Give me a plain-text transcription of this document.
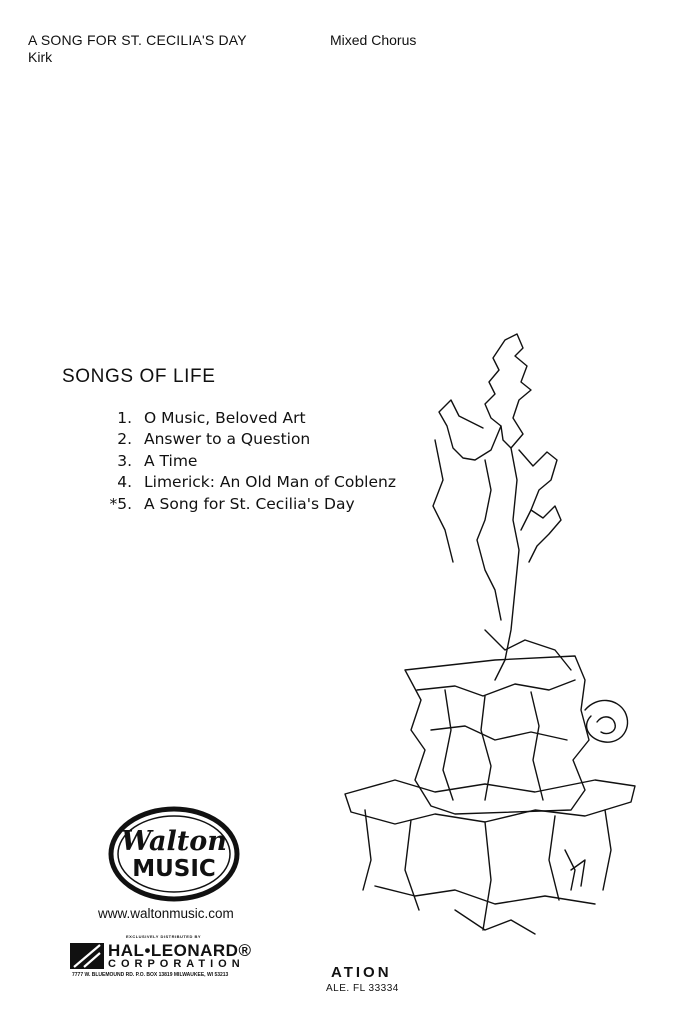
A SONG FOR ST. CECILIA'S DAY
Kirk
Mixed Chorus
SONGS OF LIFE
1. O Music, Beloved Art
2. Answer to a Question
3. A Time
4. Limerick: An Old Man of Coblenz
*5. A Song for St. Cecilia's Day
Walton
MUSIC
www.waltonmusic.com
EXCLUSIVELY DISTRIBUTED BY
HAL•LEONARD®
CORPORATION
7777 W. BLUEMOUND RD. P.O. BOX 13819 MILWAUKEE, WI 53213	ATION
ALE. FL 33334
